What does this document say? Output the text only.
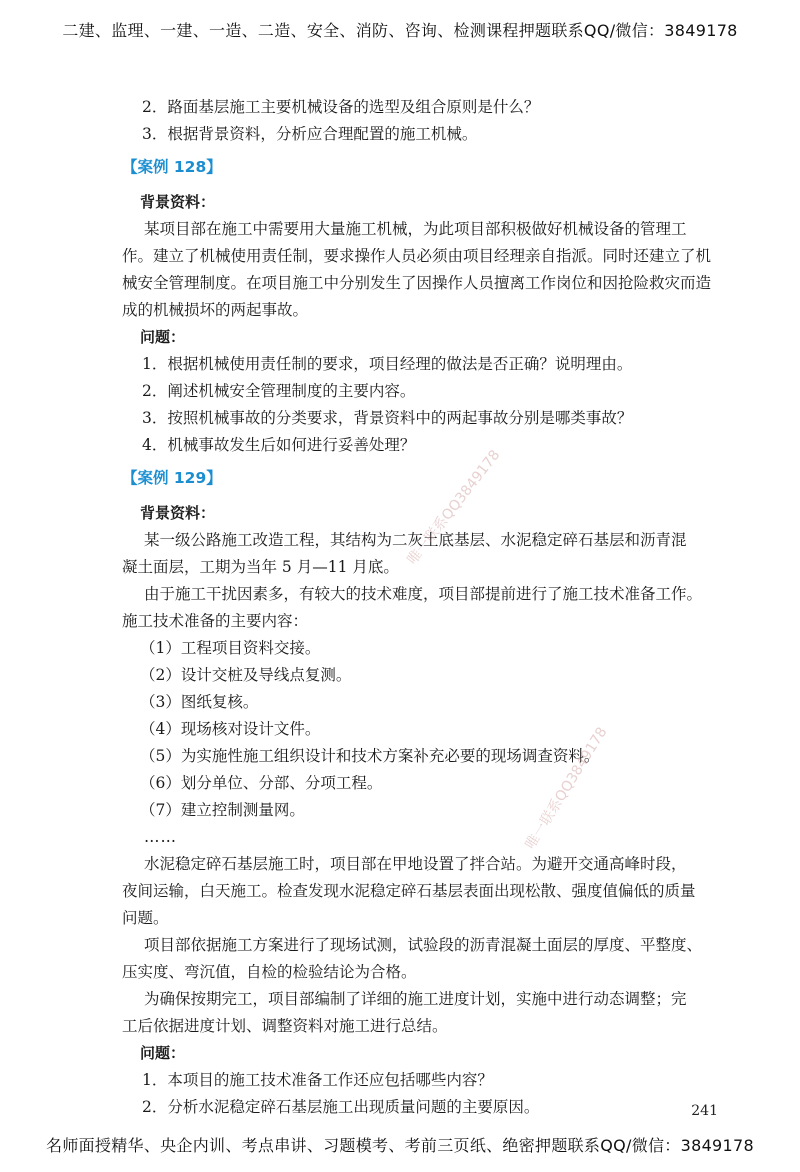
二建、监理、一建、一造、二造、安全、消防、咨询、检测课程押题联系QQ/微信：3849178
2．路面基层施工主要机械设备的选型及组合原则是什么？
3．根据背景资料，分析应合理配置的施工机械。
【案例 128】
背景资料：
某项目部在施工中需要用大量施工机械，为此项目部积极做好机械设备的管理工
作。建立了机械使用责任制，要求操作人员必须由项目经理亲自指派。同时还建立了机
械安全管理制度。在项目施工中分别发生了因操作人员擅离工作岗位和因抢险救灾而造
成的机械损坏的两起事故。
问题：
1．根据机械使用责任制的要求，项目经理的做法是否正确？说明理由。
2．阐述机械安全管理制度的主要内容。
3．按照机械事故的分类要求，背景资料中的两起事故分别是哪类事故？
4．机械事故发生后如何进行妥善处理？
【案例 129】
背景资料：
某一级公路施工改造工程，其结构为二灰土底基层、水泥稳定碎石基层和沥青混
凝土面层，工期为当年 5 月—11 月底。
由于施工干扰因素多，有较大的技术难度，项目部提前进行了施工技术准备工作。
施工技术准备的主要内容：
（1）工程项目资料交接。
（2）设计交桩及导线点复测。
（3）图纸复核。
（4）现场核对设计文件。
（5）为实施性施工组织设计和技术方案补充必要的现场调查资料。
（6）划分单位、分部、分项工程。
（7）建立控制测量网。
……
水泥稳定碎石基层施工时，项目部在甲地设置了拌合站。为避开交通高峰时段，
夜间运输，白天施工。检查发现水泥稳定碎石基层表面出现松散、强度值偏低的质量
问题。
项目部依据施工方案进行了现场试测，试验段的沥青混凝土面层的厚度、平整度、
压实度、弯沉值，自检的检验结论为合格。
为确保按期完工，项目部编制了详细的施工进度计划，实施中进行动态调整；完
工后依据进度计划、调整资料对施工进行总结。
问题：
1．本项目的施工技术准备工作还应包括哪些内容？
2．分析水泥稳定碎石基层施工出现质量问题的主要原因。
唯一联系QQ3849178
唯一联系QQ3849178
241
名师面授精华、央企内训、考点串讲、习题模考、考前三页纸、绝密押题联系QQ/微信：3849178
